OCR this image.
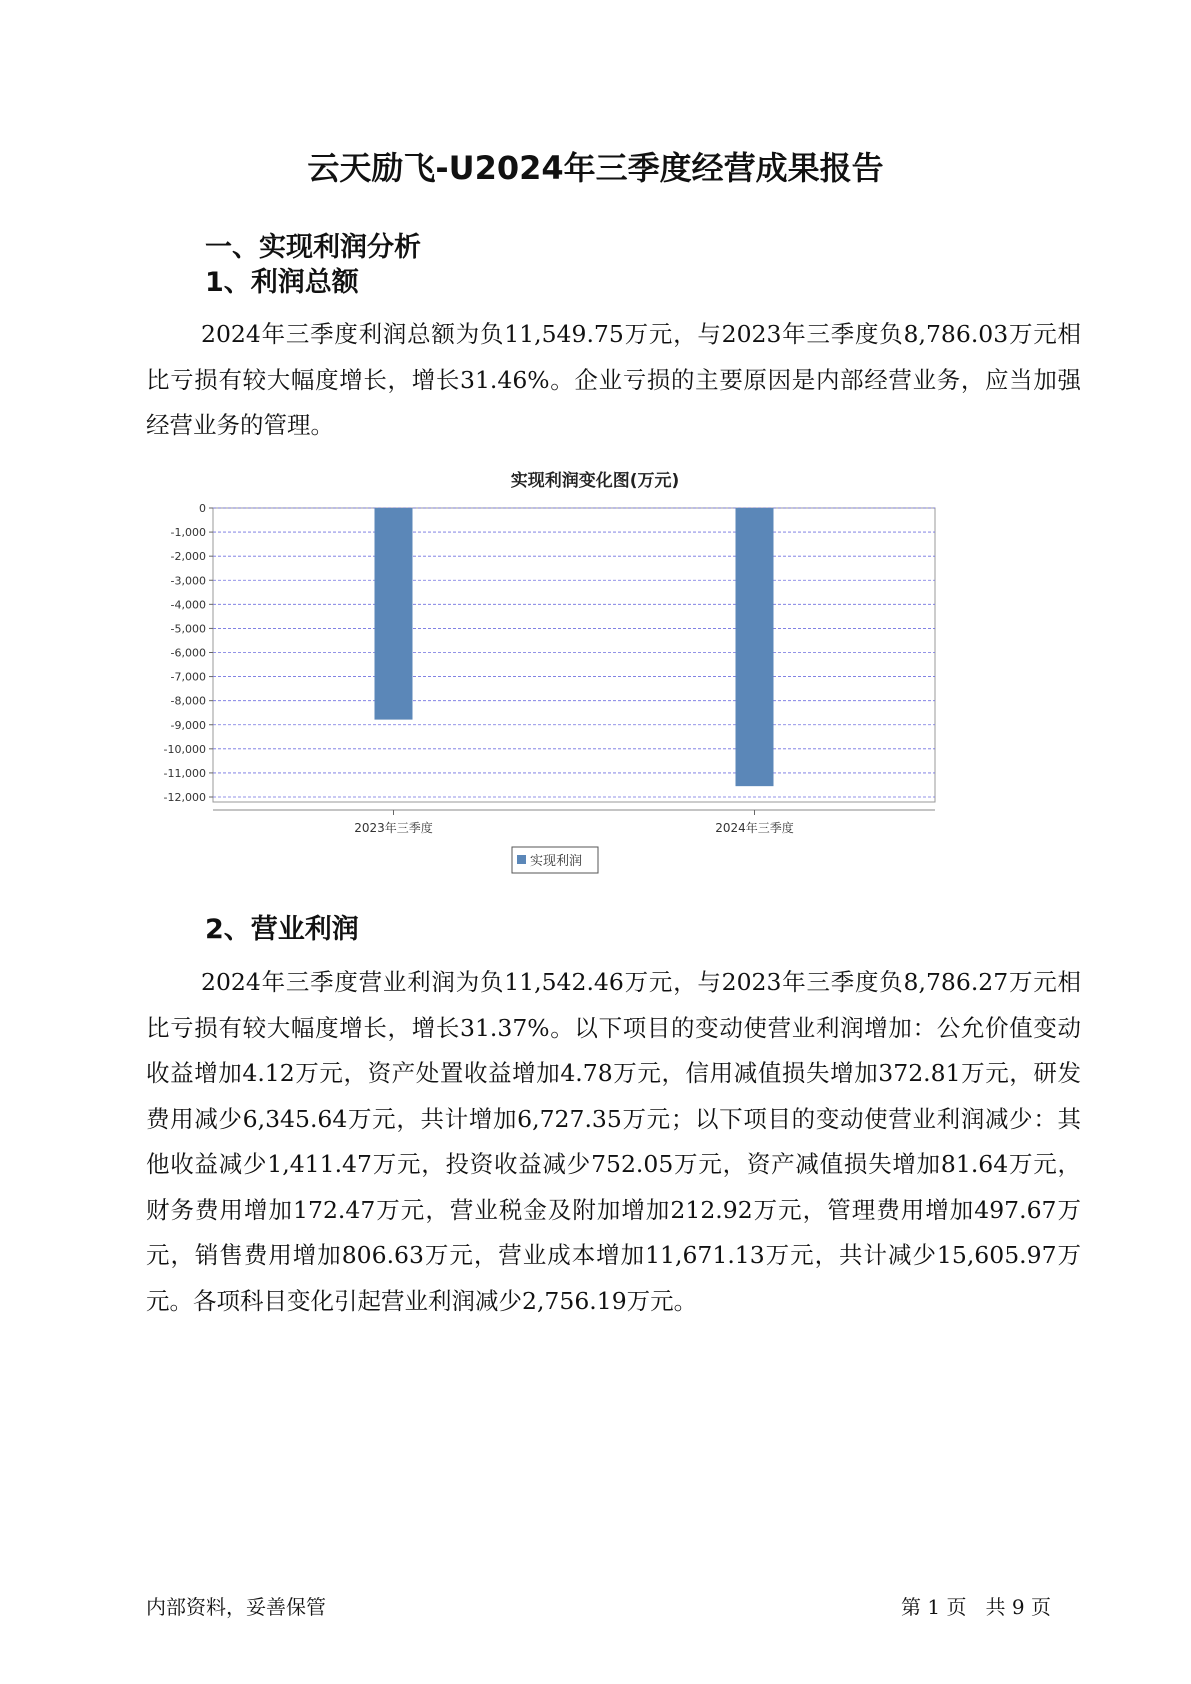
云天励飞-U2024年三季度经营成果报告
一、实现利润分析
1、利润总额

2024年三季度利润总额为负11,549.75万元，与2023年三季度负8,786.03万元相比亏损有较大幅度增长，增长31.46%。企业亏损的主要原因是内部经营业务，应当加强经营业务的管理。

实现利润变化图(万元)
0
-1,000
-2,000
-3,000
-4,000
-5,000
-6,000
-7,000
-8,000
-9,000
-10,000
-11,000
-12,000
2023年三季度	2024年三季度
实现利润
2、营业利润

2024年三季度营业利润为负11,542.46万元，与2023年三季度负8,786.27万元相比亏损有较大幅度增长，增长31.37%。以下项目的变动使营业利润增加：公允价值变动收益增加4.12万元，资产处置收益增加4.78万元，信用减值损失增加372.81万元，研发费用减少6,345.64万元，共计增加6,727.35万元；以下项目的变动使营业利润减少：其他收益减少1,411.47万元，投资收益减少752.05万元，资产减值损失增加81.64万元，财务费用增加172.47万元，营业税金及附加增加212.92万元，管理费用增加497.67万元，销售费用增加806.63万元，营业成本增加11,671.13万元，共计减少15,605.97万元。各项科目变化引起营业利润减少2,756.19万元。

内部资料，妥善保管	第 1 页   共 9 页
